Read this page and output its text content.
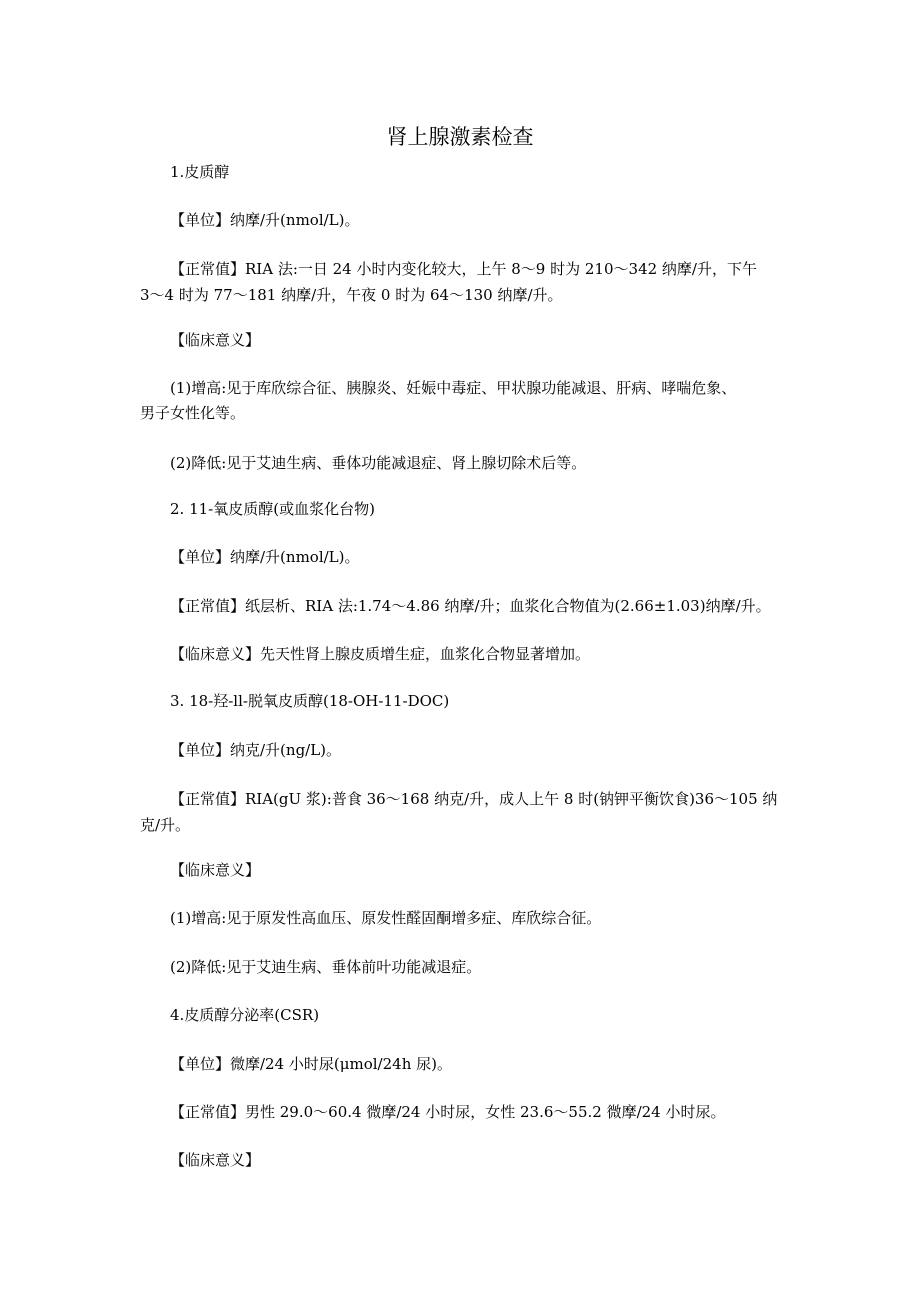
肾上腺激素检查
1.皮质醇
【单位】纳摩/升(nmol/L)。
【正常值】RIA 法:一日 24 小时内变化较大，上午 8～9 时为 210～342 纳摩/升，下午
3～4 时为 77～181 纳摩/升，午夜 0 时为 64～130 纳摩/升。
【临床意义】
(1)增高:见于库欣综合征、胰腺炎、妊娠中毒症、甲状腺功能减退、肝病、哮喘危象、
男子女性化等。
(2)降低:见于艾迪生病、垂体功能减退症、肾上腺切除术后等。
2. 11-氧皮质醇(或血浆化台物)
【单位】纳摩/升(nmol/L)。
【正常值】纸层析、RIA 法:1.74～4.86 纳摩/升；血浆化合物值为(2.66±1.03)纳摩/升。
【临床意义】先天性肾上腺皮质增生症，血浆化合物显著增加。
3. 18-羟-ll-脱氧皮质醇(18-OH-11-DOC)
【单位】纳克/升(ng/L)。
【正常值】RIA(gU 浆):普食 36～168 纳克/升，成人上午 8 时(钠钾平衡饮食)36～105 纳
克/升。
【临床意义】
(1)增高:见于原发性高血压、原发性醛固酮增多症、库欣综合征。
(2)降低:见于艾迪生病、垂体前叶功能减退症。
4.皮质醇分泌率(CSR)
【单位】微摩/24 小时尿(μmol/24h 尿)。
【正常值】男性 29.0～60.4 微摩/24 小时尿，女性 23.6～55.2 微摩/24 小时尿。
【临床意义】
